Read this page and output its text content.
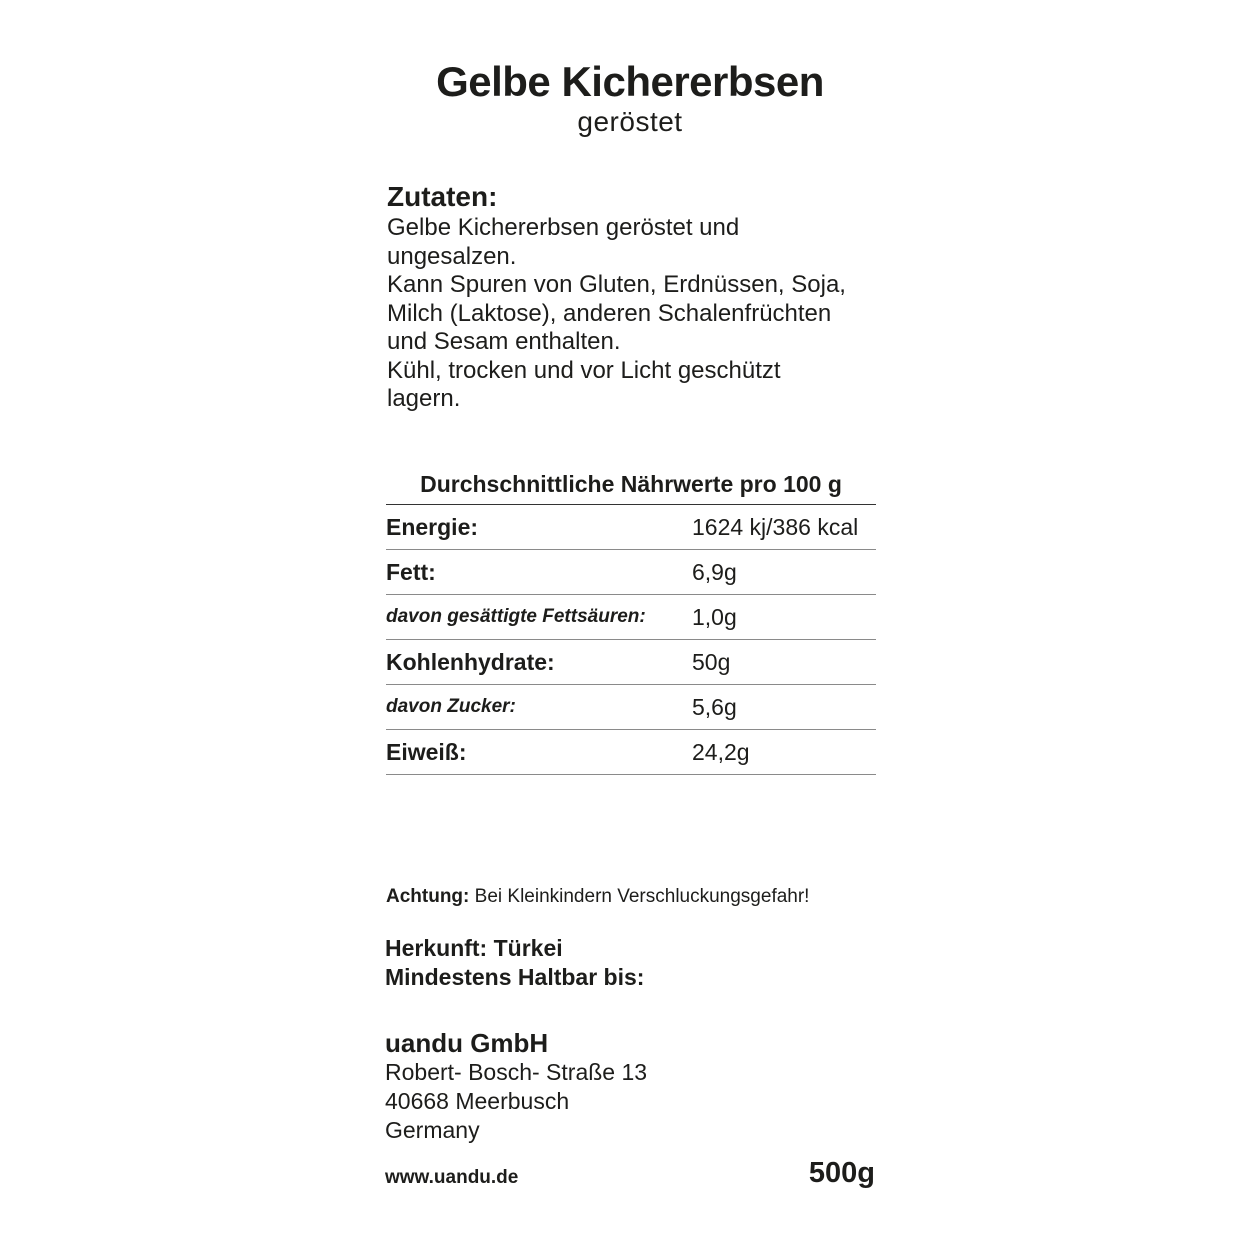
Gelbe Kichererbsen
geröstet
Zutaten:

Gelbe Kichererbsen geröstet und

ungesalzen.

Kann Spuren von Gluten, Erdnüssen, Soja,

Milch (Laktose), anderen Schalenfrüchten

und Sesam enthalten.

Kühl, trocken und vor Licht geschützt

lagern.

Durchschnittliche Nährwerte pro 100 g
Energie:	1624 kj/386 kcal
Fett:	6,9g
davon gesättigte Fettsäuren: 1,0g
Kohlenhydrate:	50g
davon Zucker:	5,6g
Eiweiß:	24,2g
Achtung: Bei Kleinkindern Verschluckungsgefahr!
Herkunft: Türkei
Mindestens Haltbar bis:
uandu GmbH
Robert- Bosch- Straße 13
40668 Meerbusch
Germany
www.uandu.de	500g
